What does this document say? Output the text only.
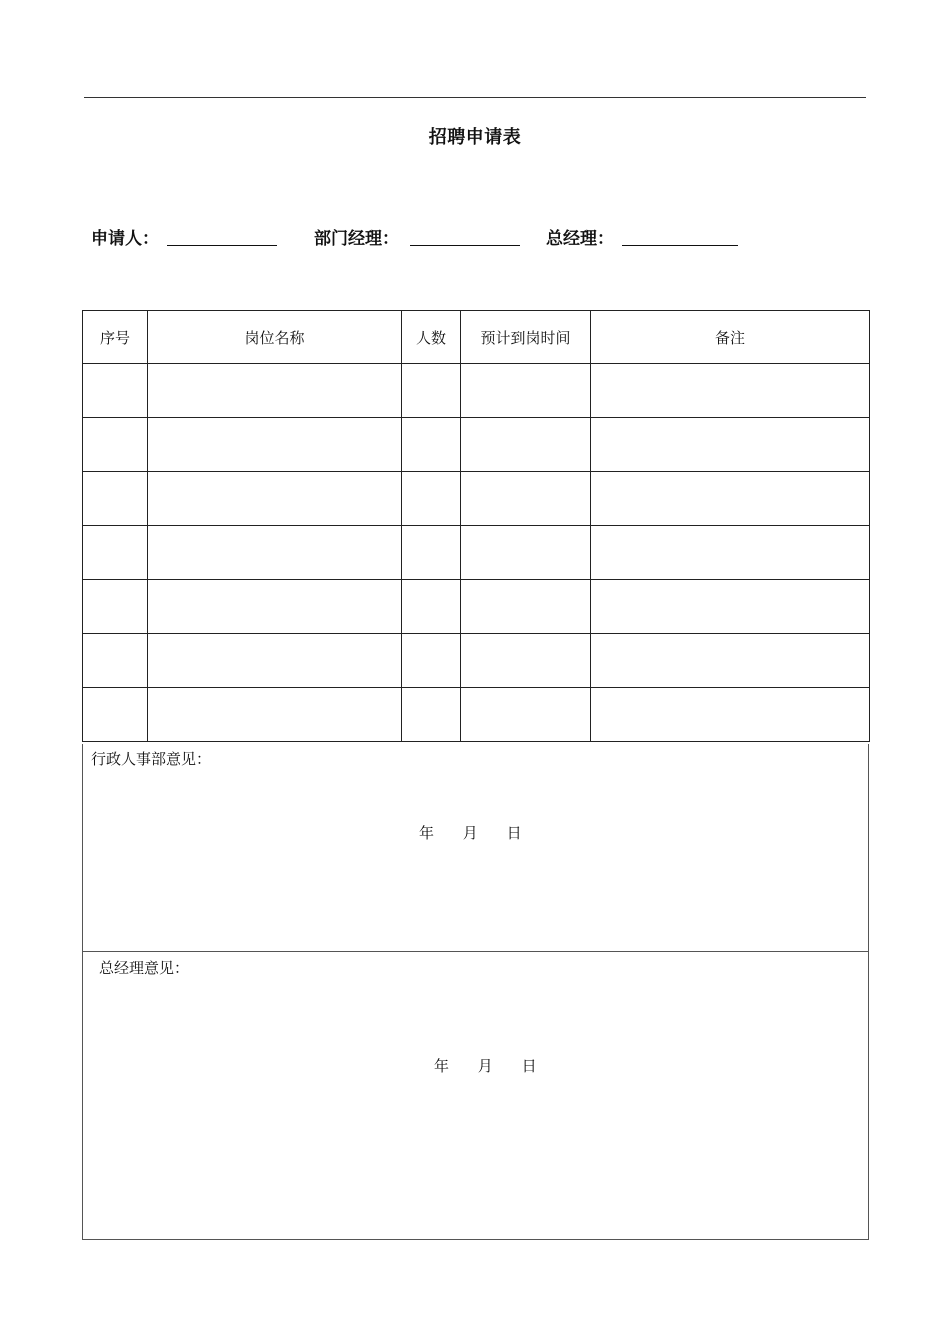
招聘申请表
申请人：	部门经理：	总经理：
序号	岗位名称	人数	预计到岗时间	备注

行政人事部意见：
年 月 日
总经理意见：
年 月 日
